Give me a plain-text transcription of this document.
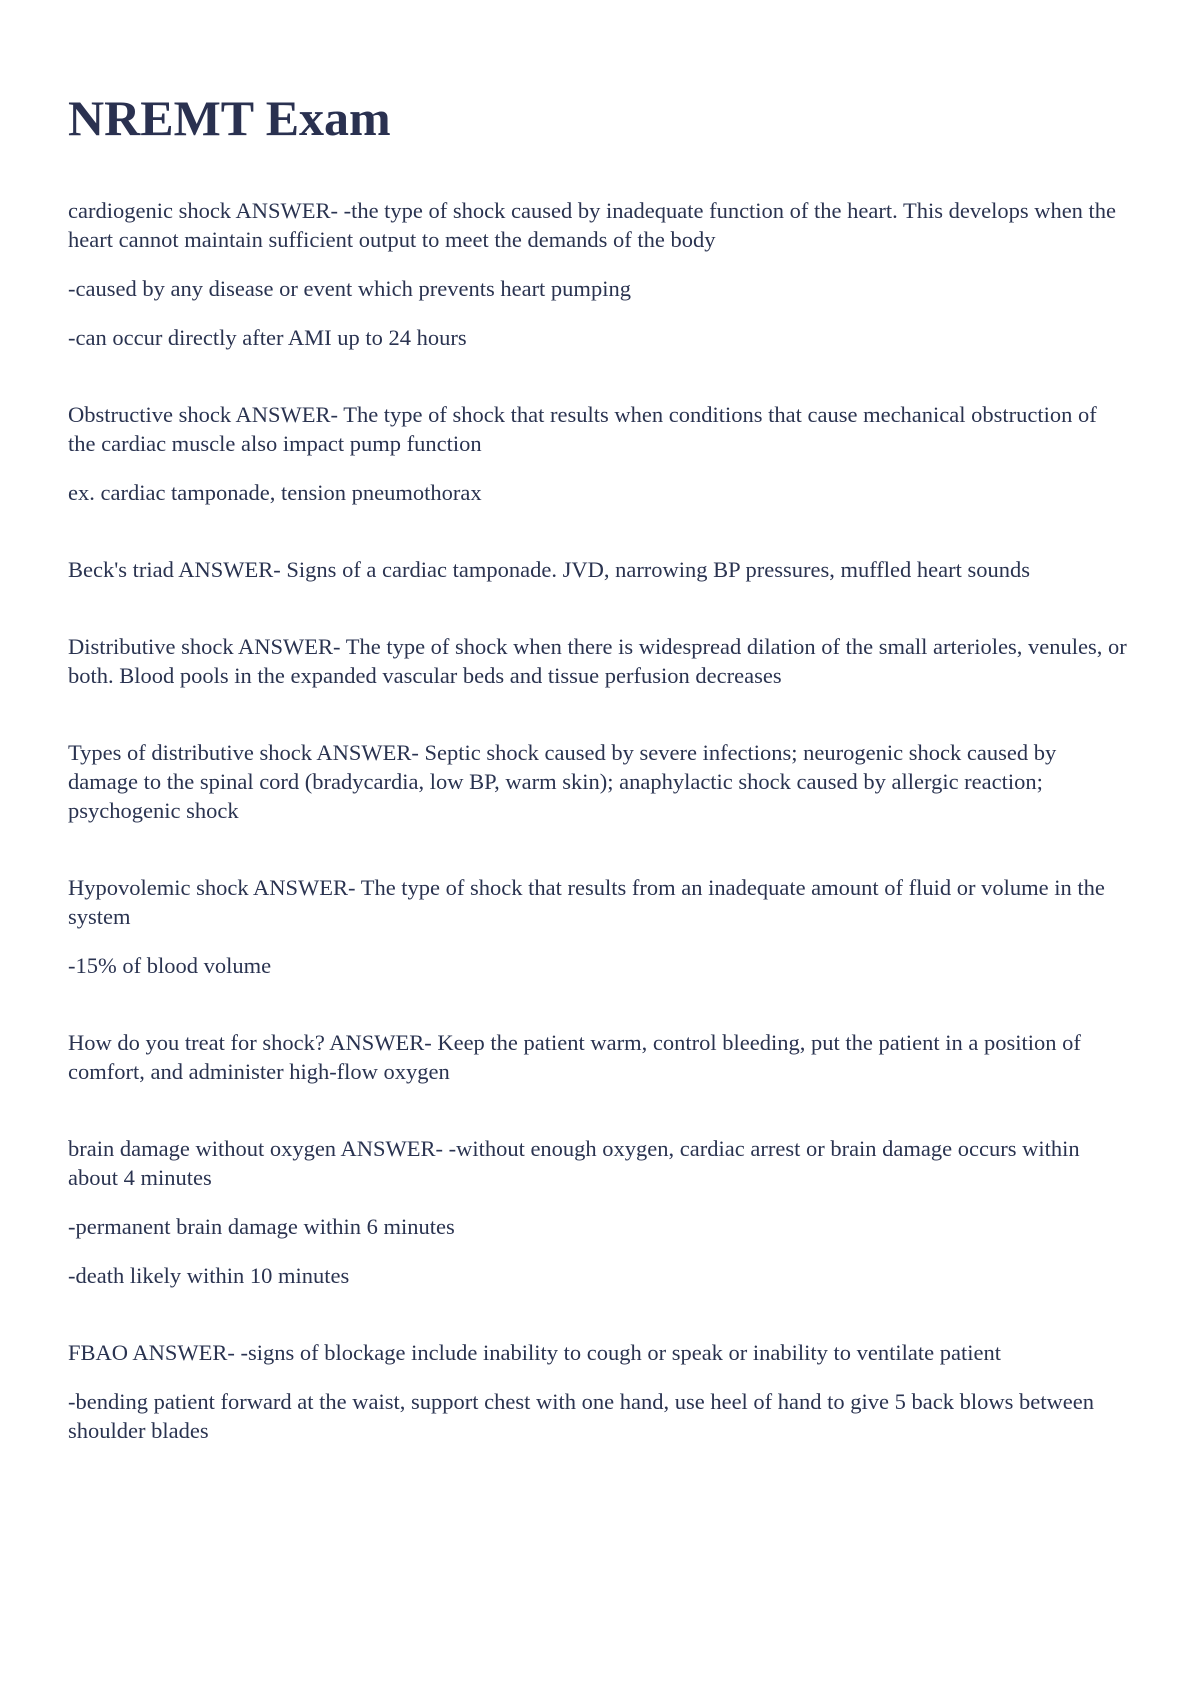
NREMT Exam

cardiogenic shock ANSWER- -the type of shock caused by inadequate function of the heart. This develops when the heart cannot maintain sufficient output to meet the demands of the body

-caused by any disease or event which prevents heart pumping

-can occur directly after AMI up to 24 hours

Obstructive shock ANSWER- The type of shock that results when conditions that cause mechanical obstruction of the cardiac muscle also impact pump function

ex. cardiac tamponade, tension pneumothorax

Beck's triad ANSWER- Signs of a cardiac tamponade. JVD, narrowing BP pressures, muffled heart sounds

Distributive shock ANSWER- The type of shock when there is widespread dilation of the small arterioles, venules, or both. Blood pools in the expanded vascular beds and tissue perfusion decreases

Types of distributive shock ANSWER- Septic shock caused by severe infections; neurogenic shock caused by damage to the spinal cord (bradycardia, low BP, warm skin); anaphylactic shock caused by allergic reaction; psychogenic shock

Hypovolemic shock ANSWER- The type of shock that results from an inadequate amount of fluid or volume in the system

-15% of blood volume

How do you treat for shock? ANSWER- Keep the patient warm, control bleeding, put the patient in a position of comfort, and administer high-flow oxygen

brain damage without oxygen ANSWER- -without enough oxygen, cardiac arrest or brain damage occurs within about 4 minutes

-permanent brain damage within 6 minutes

-death likely within 10 minutes

FBAO ANSWER- -signs of blockage include inability to cough or speak or inability to ventilate patient

-bending patient forward at the waist, support chest with one hand, use heel of hand to give 5 back blows between shoulder blades
